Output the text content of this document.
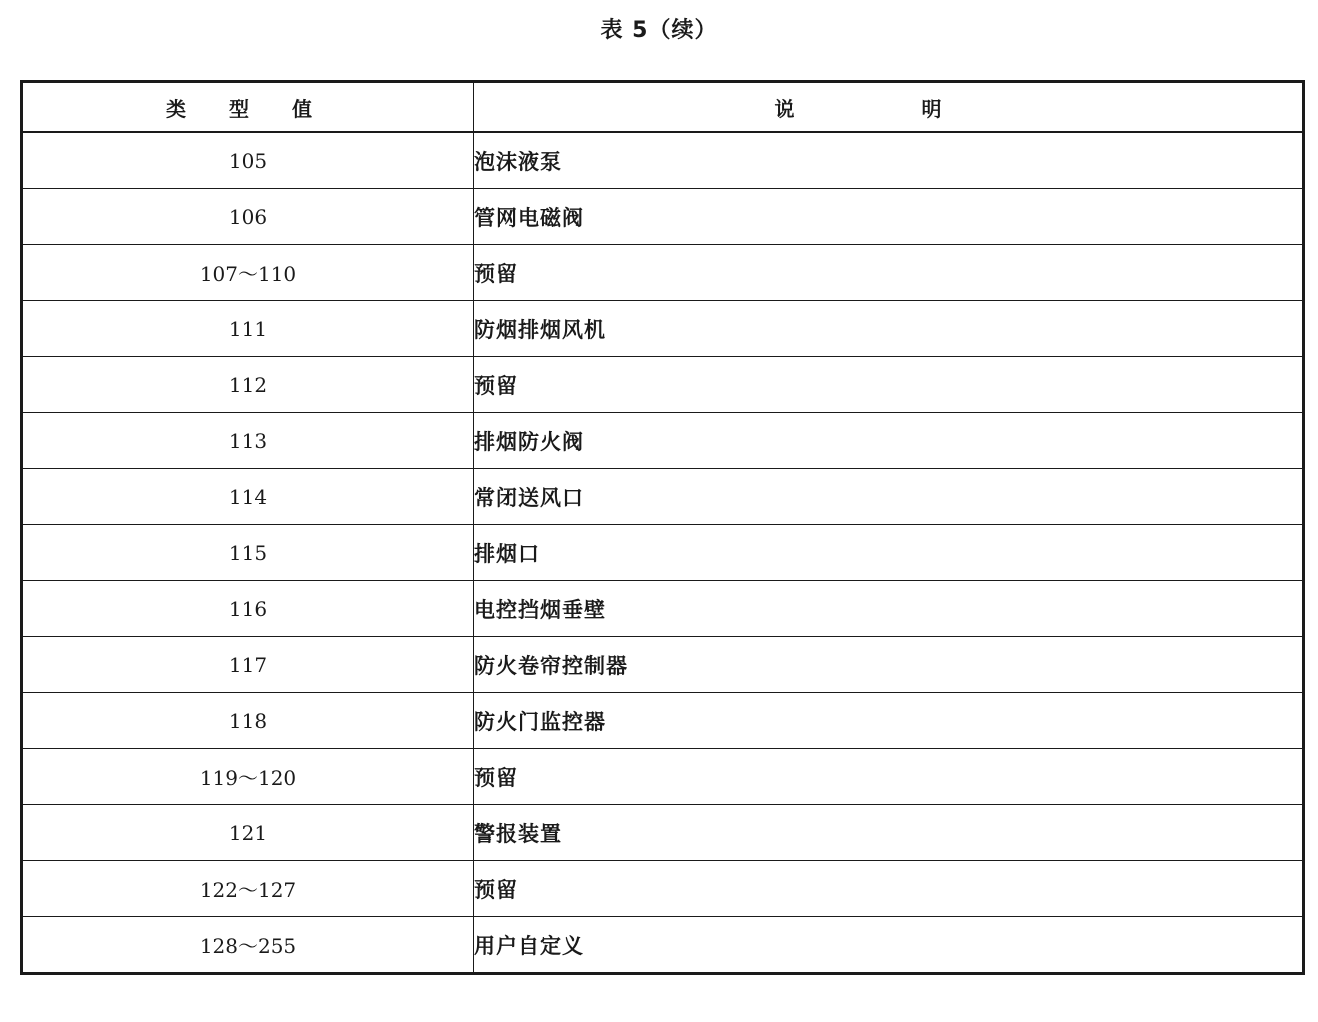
表 5（续）
类 型 值	说 明
105	泡沫液泵
106	管网电磁阀
107～110	预留
111	防烟排烟风机
112	预留
113	排烟防火阀
114	常闭送风口
115	排烟口
116	电控挡烟垂壁
117	防火卷帘控制器
118	防火门监控器
119～120	预留
121	警报装置
122～127	预留
128～255	用户自定义
